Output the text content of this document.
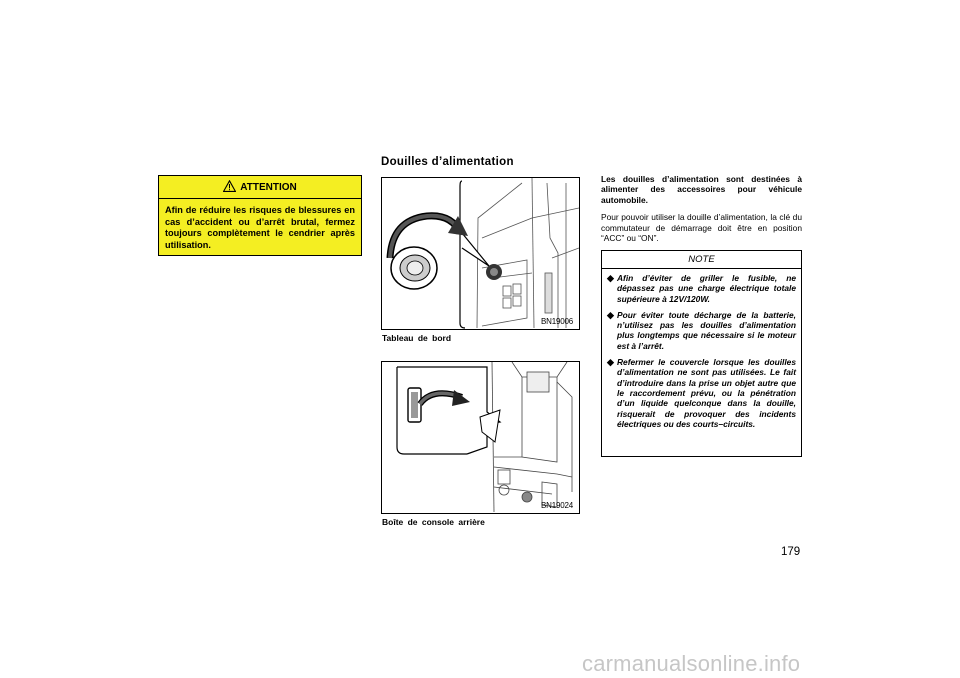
ATTENTION
Afin de réduire les risques de blessures en cas d’accident ou d’arrêt brutal, fermez toujours complètement le cendrier après utilisation.
Douilles d’alimentation
BN19006
Tableau de bord
BN19024
Boîte de console arrière

Les douilles d’alimentation sont destinées à alimenter des accessoires pour véhicule automobile.

Pour pouvoir utiliser la douille d’alimentation, la clé du commutateur de démarrage doit être en position “ACC” ou “ON”.

NOTE
◆ Afin d’éviter de griller le fusible, ne dépassez pas une charge électrique totale supérieure à 12V/120W.
◆ Pour éviter toute décharge de la batterie, n’utilisez pas les douilles d’alimentation plus longtemps que nécessaire si le moteur est à l’arrêt.
◆ Refermer le couvercle lorsque les douilles d’alimentation ne sont pas utilisées. Le fait d’introduire dans la prise un objet autre que le raccordement prévu, ou la pénétration d’un liquide quelconque dans la douille, risquerait de provoquer des incidents électriques ou des courts–circuits.
179
carmanualsonline.info
